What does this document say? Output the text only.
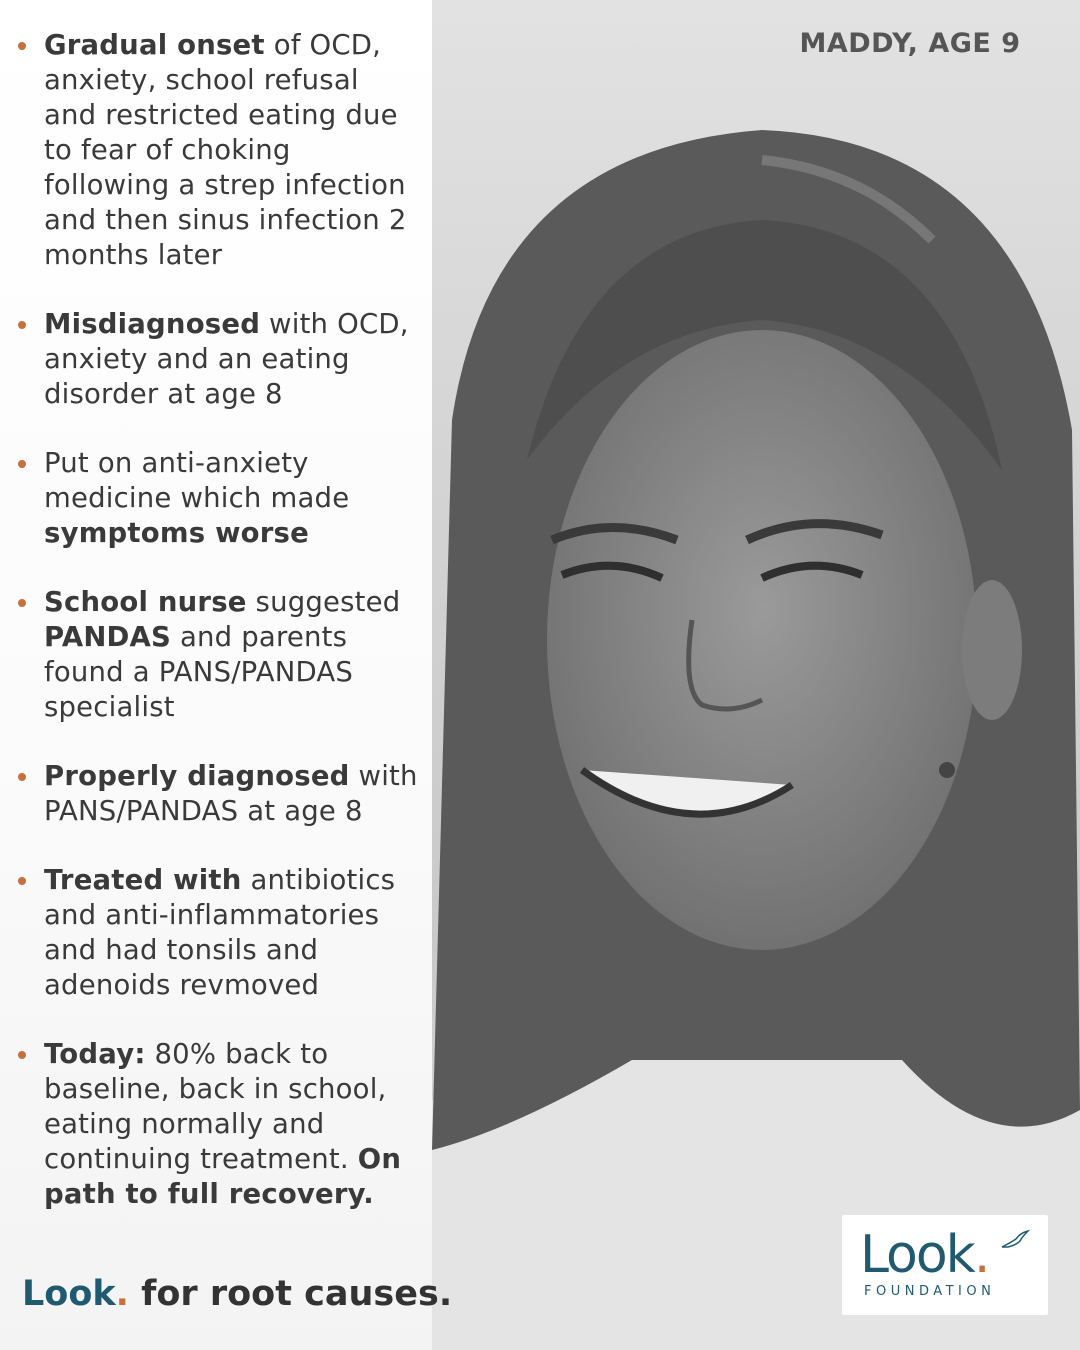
Gradual onset of OCD, anxiety, school refusal and restricted eating due to fear of choking following a strep infection and then sinus infection 2 months later
Misdiagnosed with OCD, anxiety and an eating disorder at age 8
Put on anti-anxiety medicine which made symptoms worse
School nurse suggested PANDAS and parents found a PANS/PANDAS specialist
Properly diagnosed with PANS/PANDAS at age 8
Treated with antibiotics and anti-inflammatories and had tonsils and adenoids revmoved
Today: 80% back to baseline, back in school, eating normally and continuing treatment. On path to full recovery.

Look. for root causes.

MADDY, AGE 9
Look.
FOUNDATION
